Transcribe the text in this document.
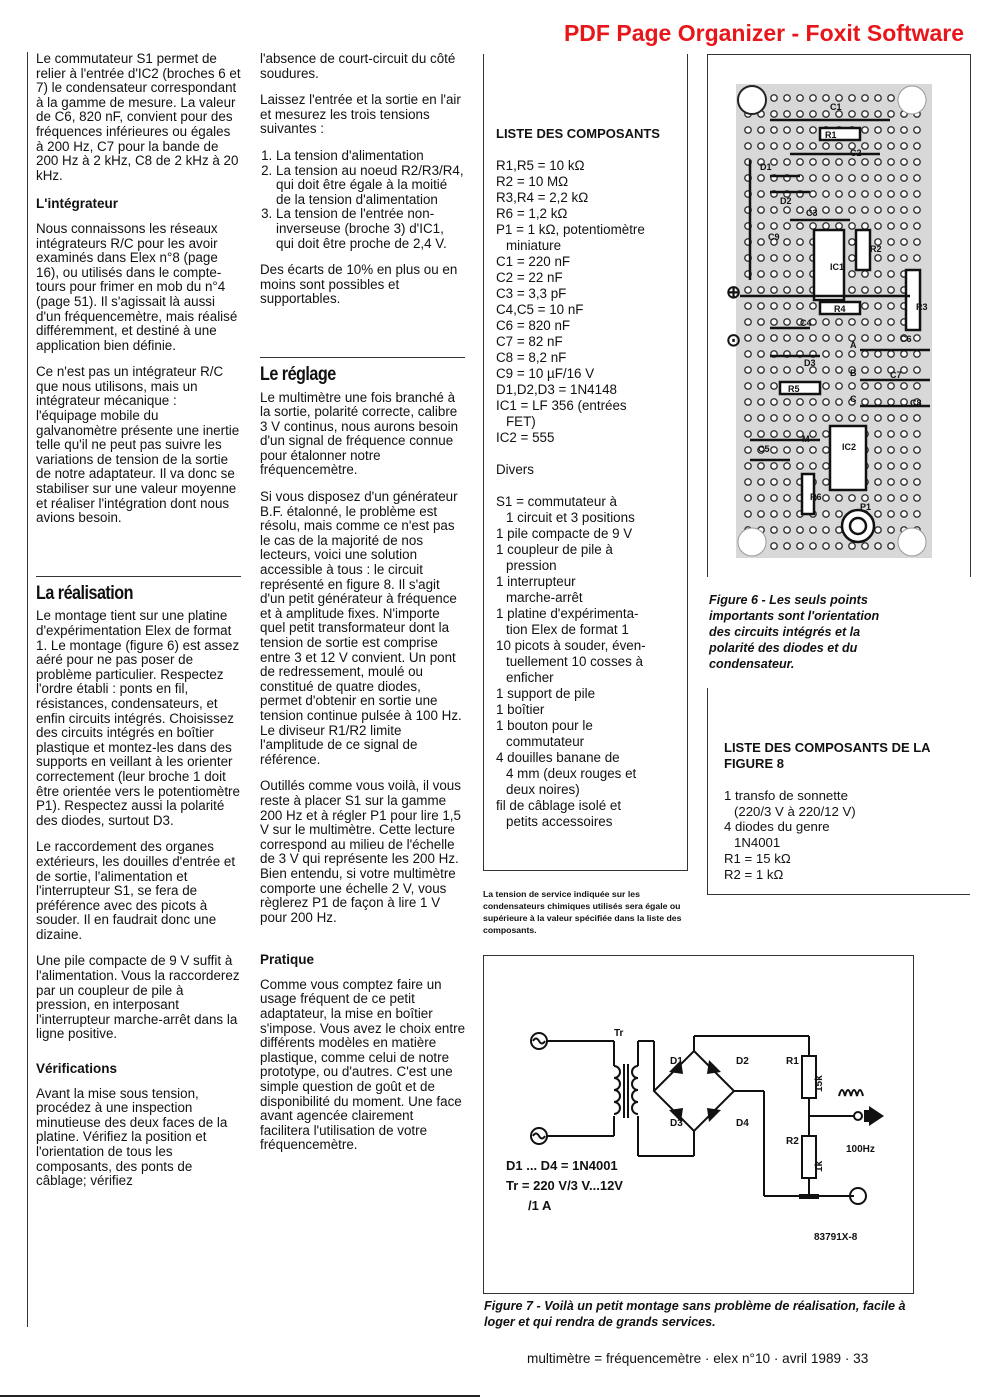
PDF Page Organizer - Foxit Software

Le commutateur S1 permet de relier à l'entrée d'IC2 (broches 6 et 7) le condensateur correspondant à la gamme de mesure. La valeur de C6, 820 nF, convient pour des fréquences inférieures ou égales à 200 Hz, C7 pour la bande de 200 Hz à 2 kHz, C8 de 2 kHz à 20 kHz.

L'intégrateur

Nous connaissons les réseaux intégrateurs R/C pour les avoir examinés dans Elex n°8 (page 16), ou utilisés dans le compte-tours pour frimer en mob du n°4 (page 51). Il s'agissait là aussi d'un fréquencemètre, mais réalisé différemment, et destiné à une application bien définie.

Ce n'est pas un intégrateur R/C que nous utilisons, mais un intégrateur mécanique : l'équipage mobile du galvanomètre présente une inertie telle qu'il ne peut pas suivre les variations de tension de la sortie de notre adaptateur. Il va donc se stabiliser sur une valeur moyenne et réaliser l'intégration dont nous avions besoin.

La réalisation

Le montage tient sur une platine d'expérimentation Elex de format 1. Le montage (figure 6) est assez aéré pour ne pas poser de problème particulier. Respectez l'ordre établi : ponts en fil, résistances, condensateurs, et enfin circuits intégrés. Choisissez des circuits intégrés en boîtier plastique et montez-les dans des supports en veillant à les orienter correctement (leur broche 1 doit être orientée vers le potentiomètre P1). Respectez aussi la polarité des diodes, surtout D3.

Le raccordement des organes extérieurs, les douilles d'entrée et de sortie, l'alimentation et l'interrupteur S1, se fera de préférence avec des picots à souder. Il en faudrait donc une dizaine.

Une pile compacte de 9 V suffit à l'alimentation. Vous la raccorderez par un coupleur de pile à pression, en interposant l'interrupteur marche-arrêt dans la ligne positive.

Vérifications

Avant la mise sous tension, procédez à une inspection minutieuse des deux faces de la platine. Vérifiez la position et l'orientation de tous les composants, des ponts de câblage; vérifiez

l'absence de court-circuit du côté soudures.

Laissez l'entrée et la sortie en l'air et mesurez les trois tensions suivantes :

1. La tension d'alimentation
2. La tension au noeud R2/R3/R4, qui doit être égale à la moitié de la tension d'alimentation
3. La tension de l'entrée non-inverseuse (broche 3) d'IC1, qui doit être proche de 2,4 V.

Des écarts de 10% en plus ou en moins sont possibles et supportables.

Le réglage

Le multimètre une fois branché à la sortie, polarité correcte, calibre 3 V continus, nous aurons besoin d'un signal de fréquence connue pour étalonner notre fréquencemètre.

Si vous disposez d'un générateur B.F. étalonné, le problème est résolu, mais comme ce n'est pas le cas de la majorité de nos lecteurs, voici une solution accessible à tous : le circuit représenté en figure 8. Il s'agit d'un petit générateur à fréquence et à amplitude fixes. N'importe quel petit transformateur dont la tension de sortie est comprise entre 3 et 12 V convient. Un pont de redressement, moulé ou constitué de quatre diodes, permet d'obtenir en sortie une tension continue pulsée à 100 Hz. Le diviseur R1/R2 limite l'amplitude de ce signal de référence.

Outillés comme vous voilà, il vous reste à placer S1 sur la gamme 200 Hz et à régler P1 pour lire 1,5 V sur le multimètre. Cette lecture correspond au milieu de l'échelle de 3 V qui représente les 200 Hz. Bien entendu, si votre multimètre comporte une échelle 2 V, vous règlerez P1 de façon à lire 1 V pour 200 Hz.

Pratique

Comme vous comptez faire un usage fréquent de ce petit adaptateur, la mise en boîtier s'impose. Vous avez le choix entre différents modèles en matière plastique, comme celui de notre prototype, ou d'autres. C'est une simple question de goût et de disponibilité du moment. Une face avant agencée clairement facilitera l'utilisation de votre fréquencemètre.

LISTE DES COMPOSANTS
R1,R5 = 10 kΩ
R2 = 10 MΩ
R3,R4 = 2,2 kΩ
R6 = 1,2 kΩ
P1 = 1 kΩ, potentiomètre
miniature
C1 = 220 nF
C2 = 22 nF
C3 = 3,3 pF
C4,C5 = 10 nF
C6 = 820 nF
C7 = 82 nF
C8 = 8,2 nF
C9 = 10 µF/16 V
D1,D2,D3 = 1N4148
IC1 = LF 356 (entrées
FET)
IC2 = 555

Divers

S1 = commutateur à
1 circuit et 3 positions
1 pile compacte de 9 V
1 coupleur de pile à
pression
1 interrupteur
marche-arrêt
1 platine d'expérimenta-
tion Elex de format 1
10 picots à souder, éven-
tuellement 10 cosses à
enficher
1 support de pile
1 boîtier
1 bouton pour le
commutateur
4 douilles banane de
4 mm (deux rouges et
deux noires)
fil de câblage isolé et
petits accessoires
La tension de service indiquée sur les condensateurs chimiques utilisés sera égale ou supérieure à la valeur spécifiée dans la liste des composants.
⊕
⊙
C1
R1
C2
D1
D2
C3
C9
R2
IC1
R3
R4
C4
C6
D3
A
B
C
C7
R5
C8
M
IC2
C5
R6
P1
Figure 6 - Les seuls points importants sont l'orientation des circuits intégrés et la polarité des diodes et du condensateur.
LISTE DES COMPOSANTS DE LA FIGURE 8
1 transfo de sonnette
(220/3 V à 220/12 V)
4 diodes du genre
1N4001
R1 = 15 kΩ
R2 = 1 kΩ
Tr
D1	D2
D3	D4
R1
15k
R2
1k
100Hz
83791X-8
D1 ... D4 = 1N4001
Tr = 220 V/3 V...12V
/1 A
Figure 7 - Voilà un petit montage sans problème de réalisation, facile à loger et qui rendra de grands services.
multimètre = fréquencemètre · elex n°10 · avril 1989 · 33
